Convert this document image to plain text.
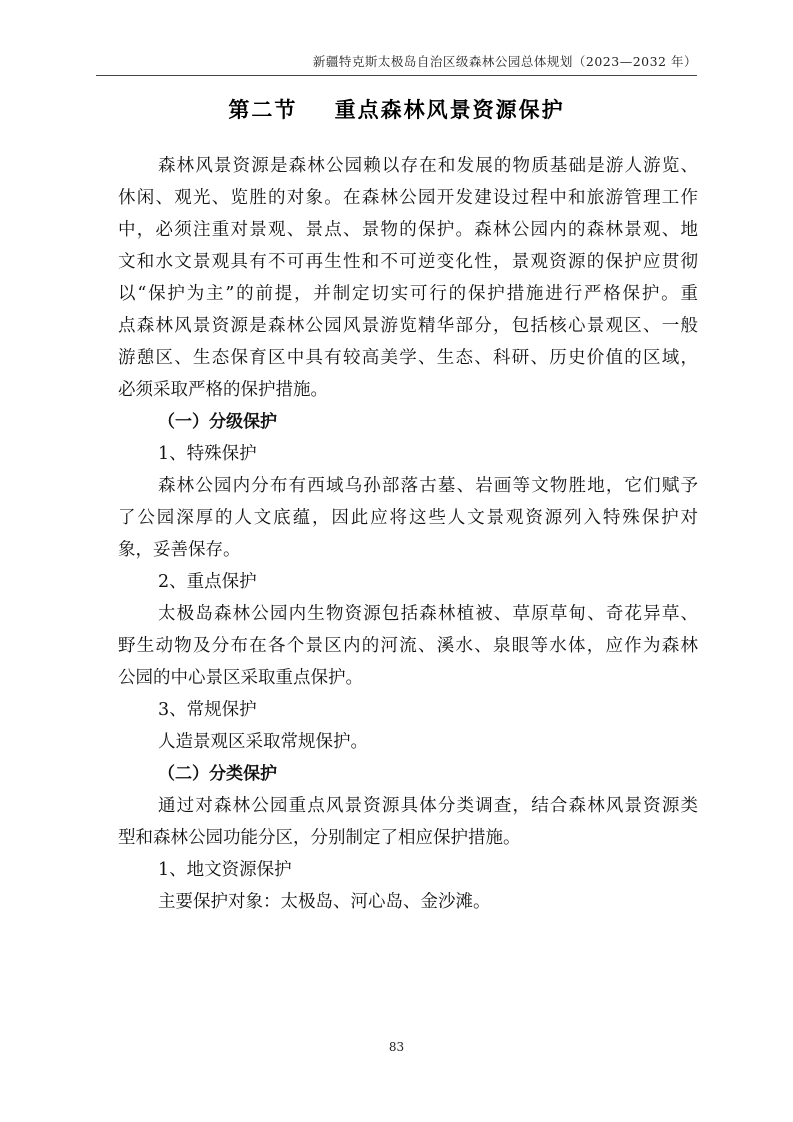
新疆特克斯太极岛自治区级森林公园总体规划（2023—2032 年）
第二节    重点森林风景资源保护
森林风景资源是森林公园赖以存在和发展的物质基础是游人游览、
休闲、观光、览胜的对象。在森林公园开发建设过程中和旅游管理工作
中，必须注重对景观、景点、景物的保护。森林公园内的森林景观、地
文和水文景观具有不可再生性和不可逆变化性，景观资源的保护应贯彻
以“保护为主”的前提，并制定切实可行的保护措施进行严格保护。重
点森林风景资源是森林公园风景游览精华部分，包括核心景观区、一般
游憩区、生态保育区中具有较高美学、生态、科研、历史价值的区域，
必须采取严格的保护措施。
（一）分级保护
1、特殊保护
森林公园内分布有西域乌孙部落古墓、岩画等文物胜地，它们赋予
了公园深厚的人文底蕴，因此应将这些人文景观资源列入特殊保护对
象，妥善保存。
2、重点保护
太极岛森林公园内生物资源包括森林植被、草原草甸、奇花异草、
野生动物及分布在各个景区内的河流、溪水、泉眼等水体，应作为森林
公园的中心景区采取重点保护。
3、常规保护
人造景观区采取常规保护。
（二）分类保护
通过对森林公园重点风景资源具体分类调查，结合森林风景资源类
型和森林公园功能分区，分别制定了相应保护措施。
1、地文资源保护
主要保护对象：太极岛、河心岛、金沙滩。
83
